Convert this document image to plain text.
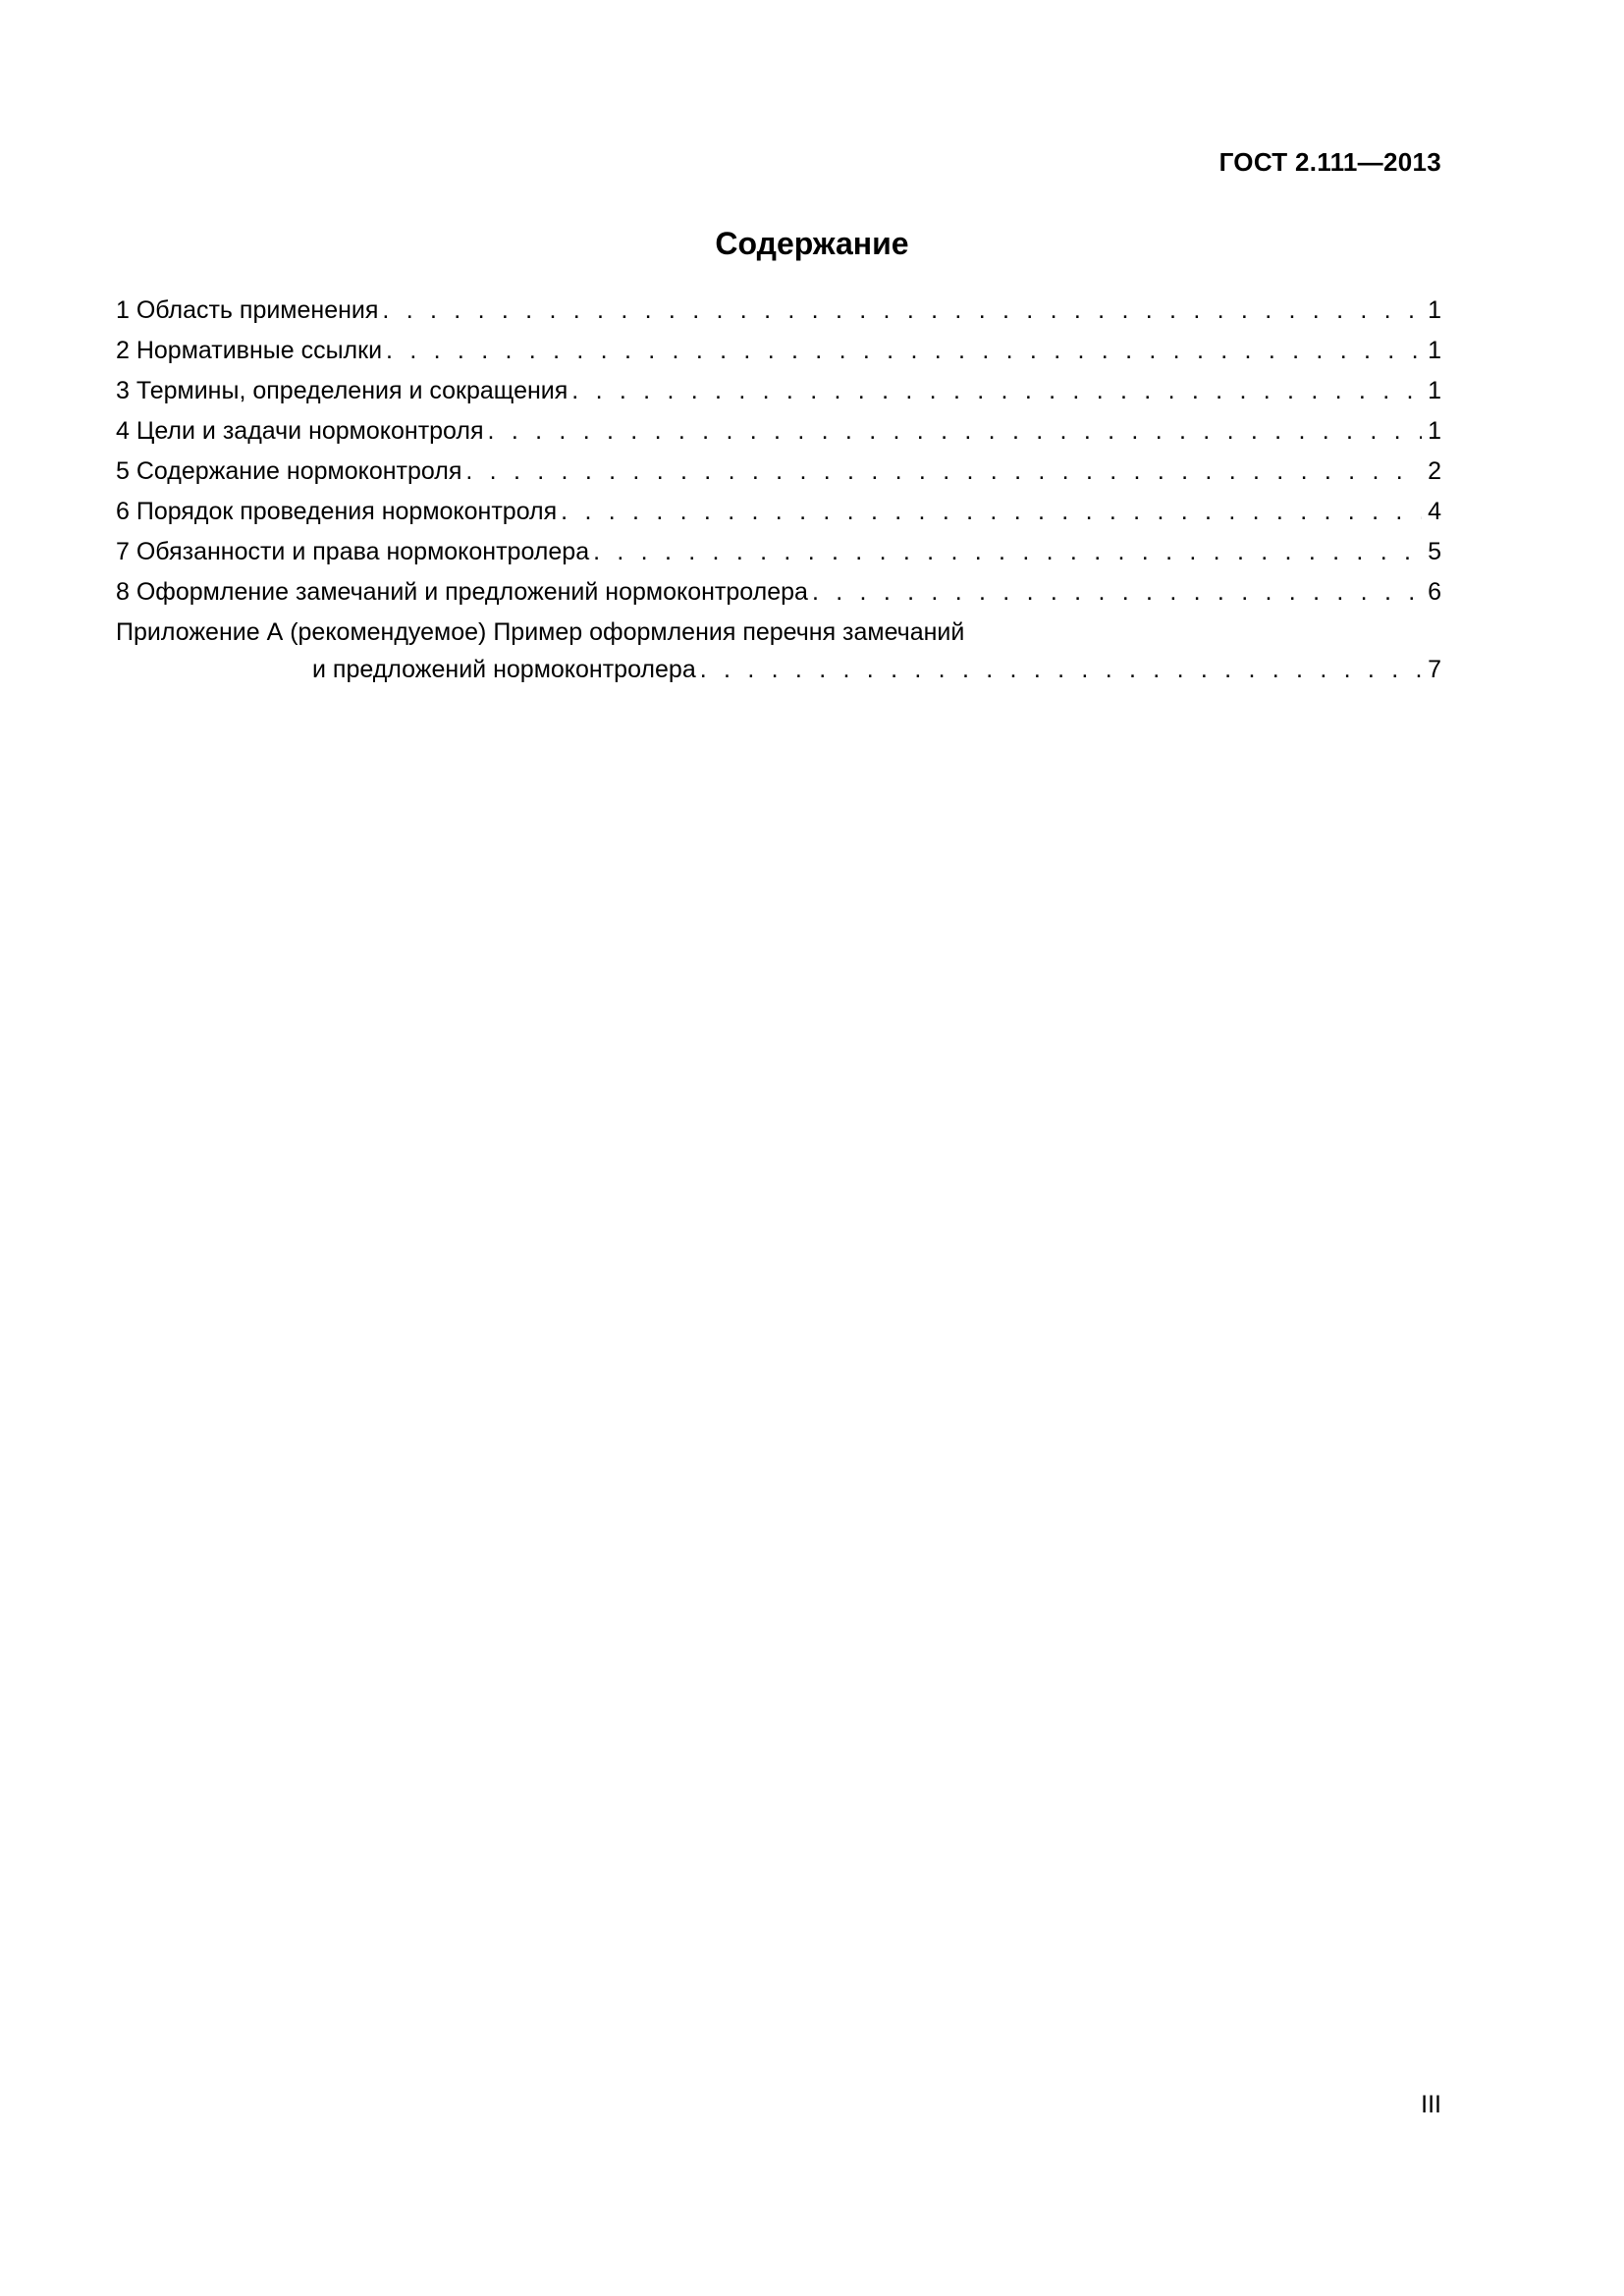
ГОСТ 2.111—2013
Содержание
1 Область применения . . .	1
2 Нормативные ссылки . . .	1
3 Термины, определения и сокращения . . .	1
4 Цели и задачи нормоконтроля . . .	1
5 Содержание нормоконтроля . . .	2
6 Порядок проведения нормоконтроля . . .	4
7 Обязанности и права нормоконтролера . . .	5
8 Оформление замечаний и предложений нормоконтролера . . .	6
Приложение А (рекомендуемое) Пример оформления перечня замечаний
и предложений нормоконтролера . . .	7
III
